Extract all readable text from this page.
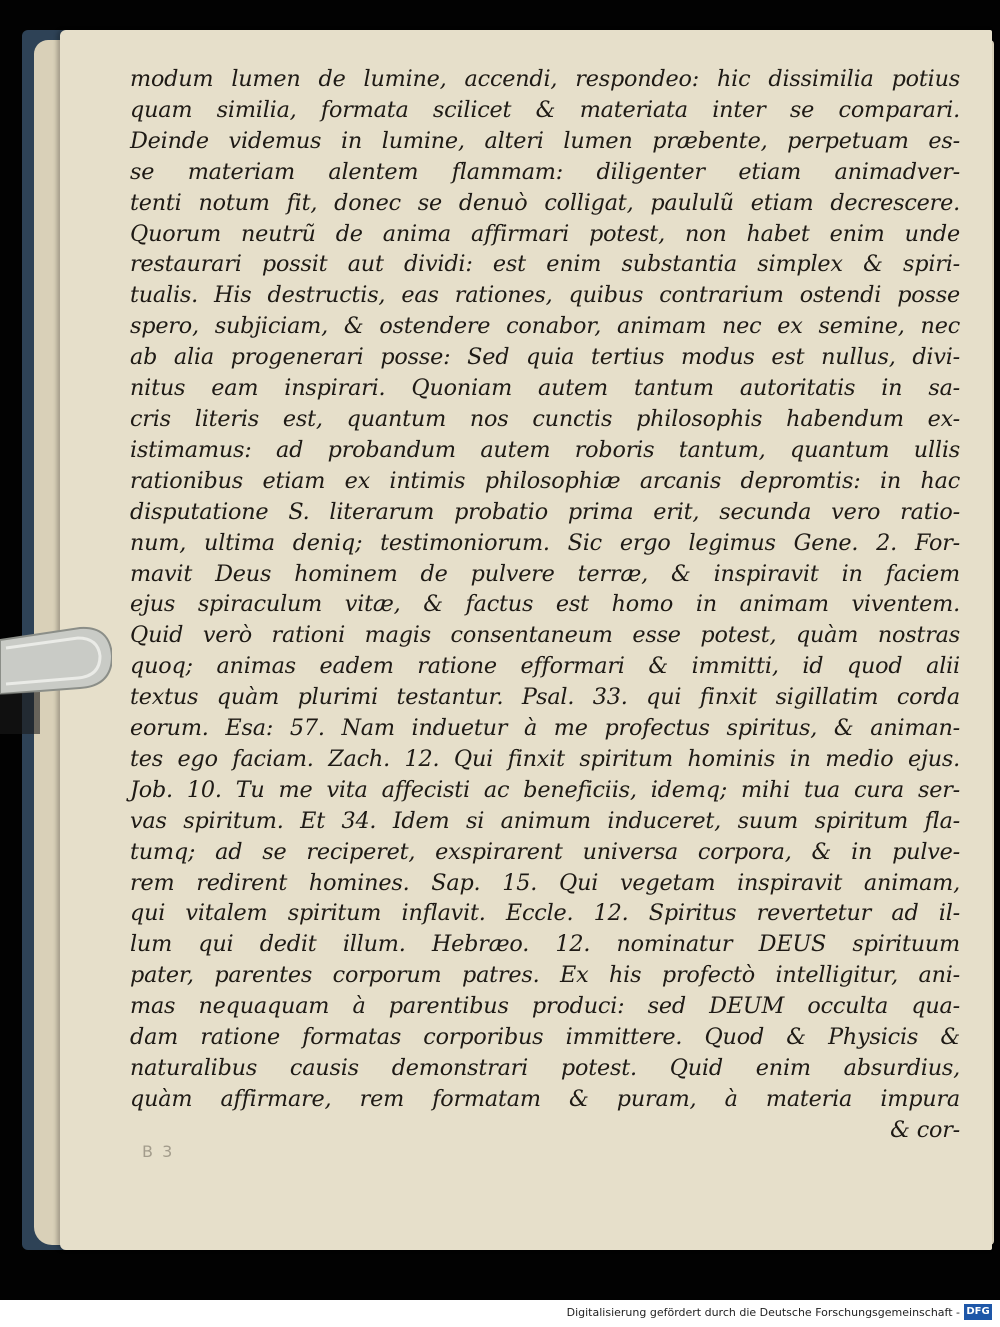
modum lumen de lumine, accendi, respondeo: hic dissimilia potius
quam similia, formata scilicet & materiata inter se comparari.
Deinde videmus in lumine, alteri lumen præbente, perpetuam es-
se materiam alentem flammam: diligenter etiam animadver-
tenti notum fit, donec se denuò colligat, paululũ etiam decrescere.
Quorum neutrũ de anima affirmari potest, non habet enim unde
restaurari possit aut dividi: est enim substantia simplex & spiri-
tualis. His destructis, eas rationes, quibus contrarium ostendi posse
spero, subjiciam, & ostendere conabor, animam nec ex semine, nec
ab alia progenerari posse: Sed quia tertius modus est nullus, divi-
nitus eam inspirari. Quoniam autem tantum autoritatis in sa-
cris literis est, quantum nos cunctis philosophis habendum ex-
istimamus: ad probandum autem roboris tantum, quantum ullis
rationibus etiam ex intimis philosophiæ arcanis depromtis: in hac
disputatione S. literarum probatio prima erit, secunda vero ratio-
num, ultima deniq; testimoniorum. Sic ergo legimus Gene. 2. For-
mavit Deus hominem de pulvere terræ, & inspiravit in faciem
ejus spiraculum vitæ, & factus est homo in animam viventem.
Quid verò rationi magis consentaneum esse potest, quàm nostras
quoq; animas eadem ratione efformari & immitti, id quod alii
textus quàm plurimi testantur. Psal. 33. qui finxit sigillatim corda
eorum. Esa: 57. Nam induetur à me profectus spiritus, & animan-
tes ego faciam. Zach. 12. Qui finxit spiritum hominis in medio ejus.
Job. 10. Tu me vita affecisti ac beneficiis, idemq; mihi tua cura ser-
vas spiritum. Et 34. Idem si animum induceret, suum spiritum fla-
tumq; ad se reciperet, exspirarent universa corpora, & in pulve-
rem redirent homines. Sap. 15. Qui vegetam inspiravit animam,
qui vitalem spiritum inflavit. Eccle. 12. Spiritus revertetur ad il-
lum qui dedit illum. Hebræo. 12. nominatur DEUS spirituum
pater, parentes corporum patres. Ex his profectò intelligitur, ani-
mas nequaquam à parentibus produci: sed DEUM occulta qua-
dam ratione formatas corporibus immittere. Quod & Physicis &
naturalibus causis demonstrari potest. Quid enim absurdius,
quàm affirmare, rem formatam & puram, à materia impura
& cor-
B 3
Digitalisierung gefördert durch die Deutsche Forschungsgemeinschaft - DFG
